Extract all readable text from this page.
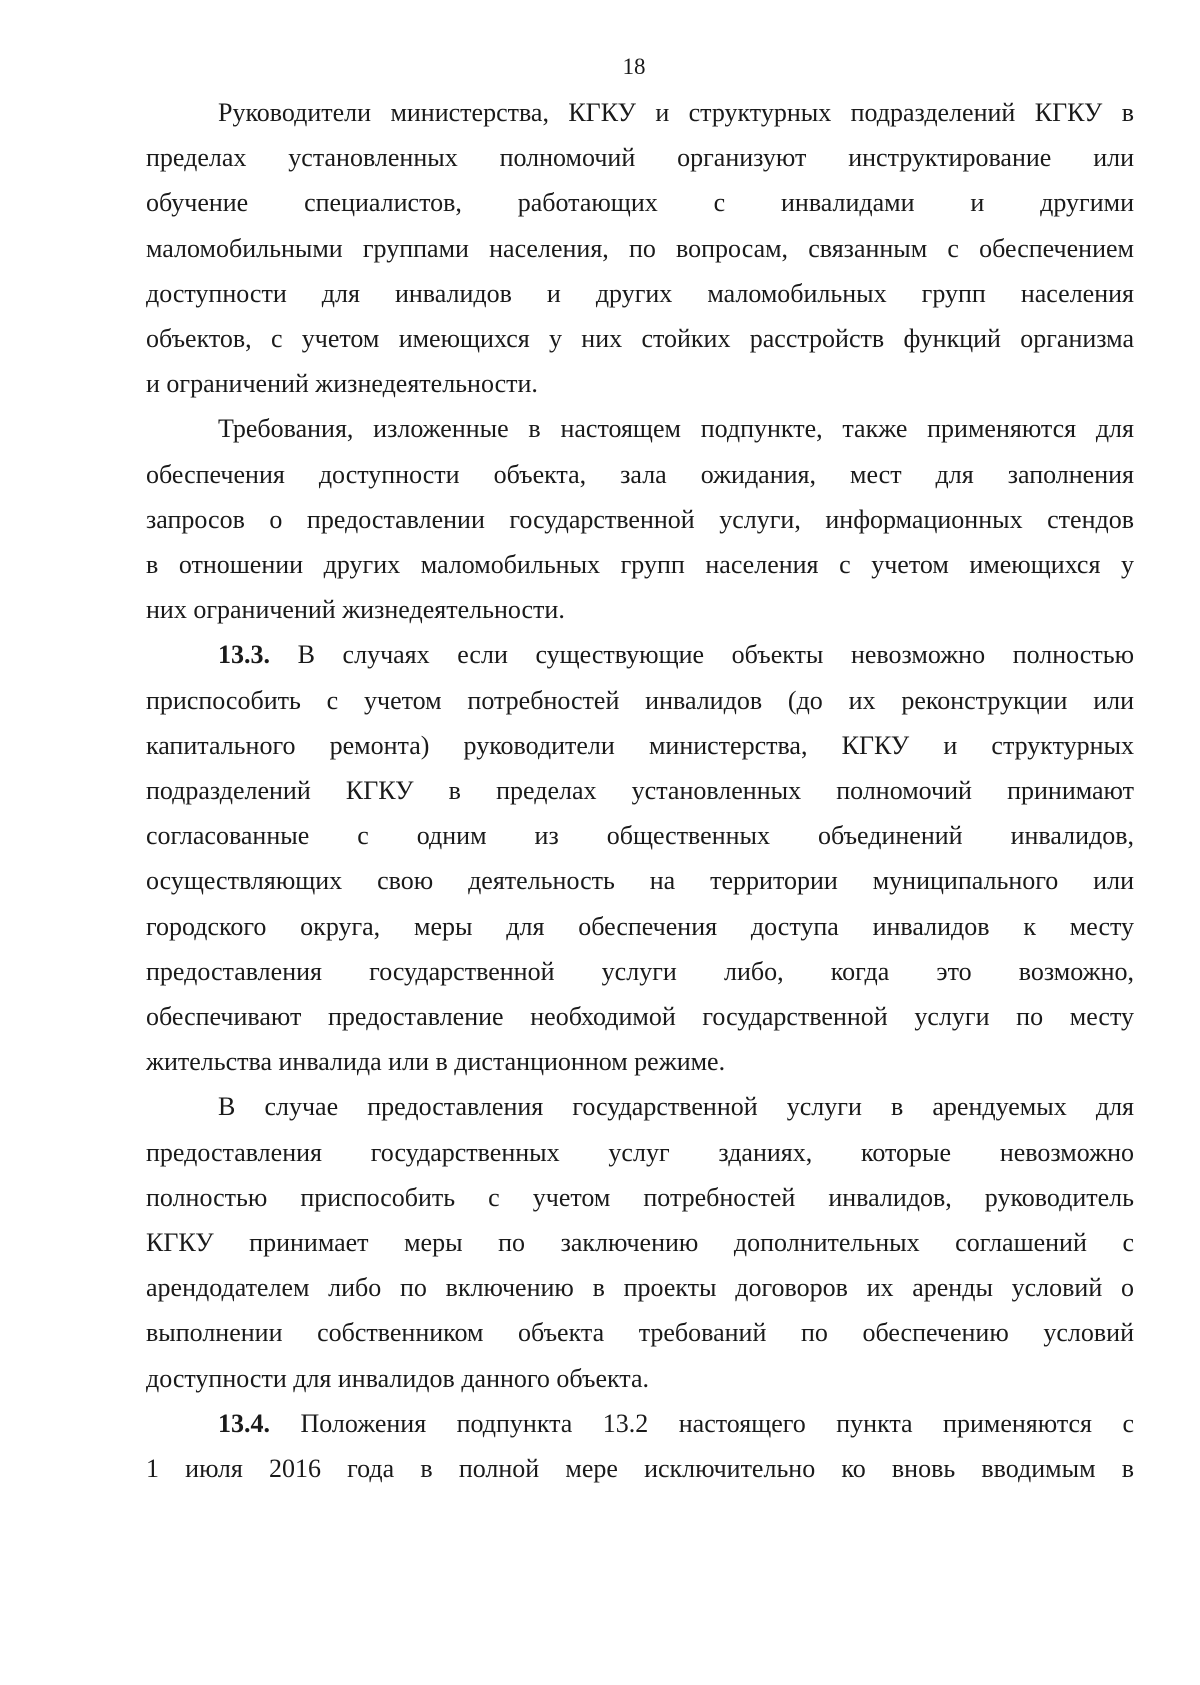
18
Руководители министерства, КГКУ и структурных подразделений КГКУ в
пределах установленных полномочий организуют инструктирование или
обучение специалистов, работающих с инвалидами и другими
маломобильными группами населения, по вопросам, связанным с обеспечением
доступности для инвалидов и других маломобильных групп населения
объектов, с учетом имеющихся у них стойких расстройств функций организма
и ограничений жизнедеятельности.
Требования, изложенные в настоящем подпункте, также применяются для
обеспечения доступности объекта, зала ожидания, мест для заполнения
запросов о предоставлении государственной услуги, информационных стендов
в отношении других маломобильных групп населения с учетом имеющихся у
них ограничений жизнедеятельности.
13.3. В случаях если существующие объекты невозможно полностью
приспособить с учетом потребностей инвалидов (до их реконструкции или
капитального ремонта) руководители министерства, КГКУ и структурных
подразделений КГКУ в пределах установленных полномочий принимают
согласованные с одним из общественных объединений инвалидов,
осуществляющих свою деятельность на территории муниципального или
городского округа, меры для обеспечения доступа инвалидов к месту
предоставления государственной услуги либо, когда это возможно,
обеспечивают предоставление необходимой государственной услуги по месту
жительства инвалида или в дистанционном режиме.
В случае предоставления государственной услуги в арендуемых для
предоставления государственных услуг зданиях, которые невозможно
полностью приспособить с учетом потребностей инвалидов, руководитель
КГКУ принимает меры по заключению дополнительных соглашений с
арендодателем либо по включению в проекты договоров их аренды условий о
выполнении собственником объекта требований по обеспечению условий
доступности для инвалидов данного объекта.
13.4. Положения подпункта 13.2 настоящего пункта применяются с
1 июля 2016 года в полной мере исключительно ко вновь вводимым в
